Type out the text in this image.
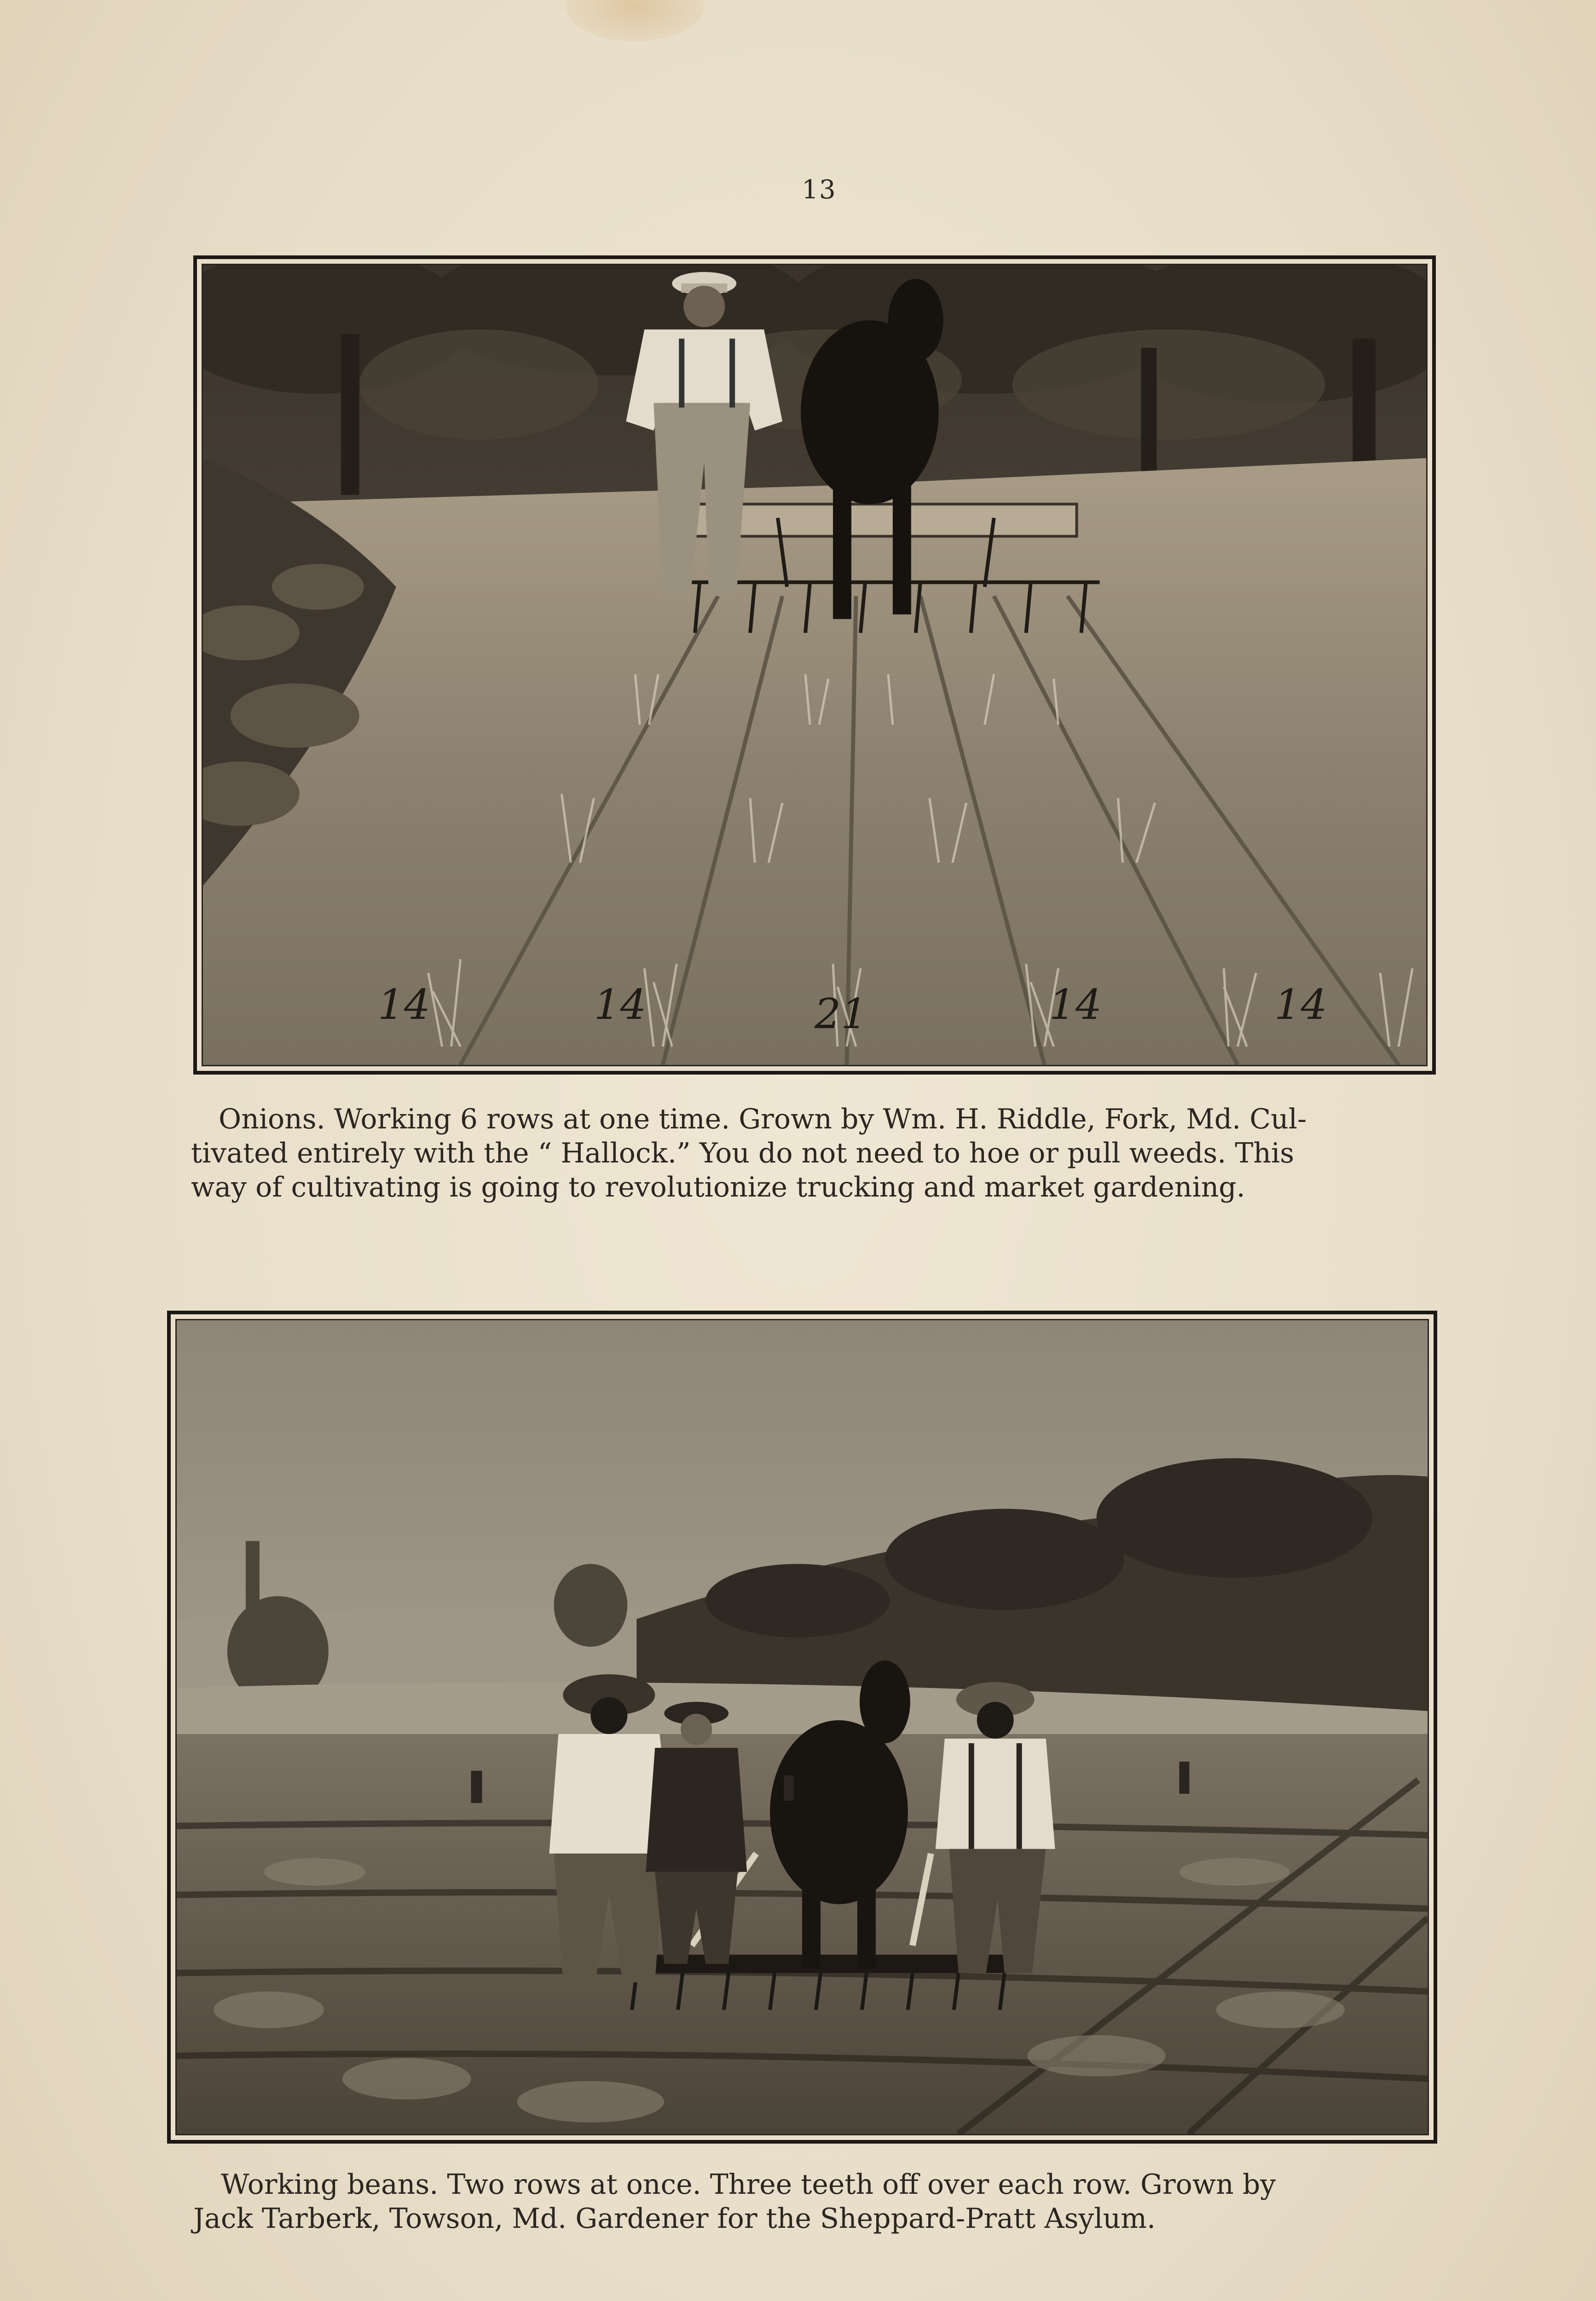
13
14	14	21	14	14
Onions. Working 6 rows at one time. Grown by Wm. H. Riddle, Fork, Md. Cul-
tivated entirely with the “ Hallock.” You do not need to hoe or pull weeds. This
way of cultivating is going to revolutionize trucking and market gardening.
Working beans. Two rows at once. Three teeth off over each row. Grown by
Jack Tarberk, Towson, Md. Gardener for the Sheppard-Pratt Asylum.
